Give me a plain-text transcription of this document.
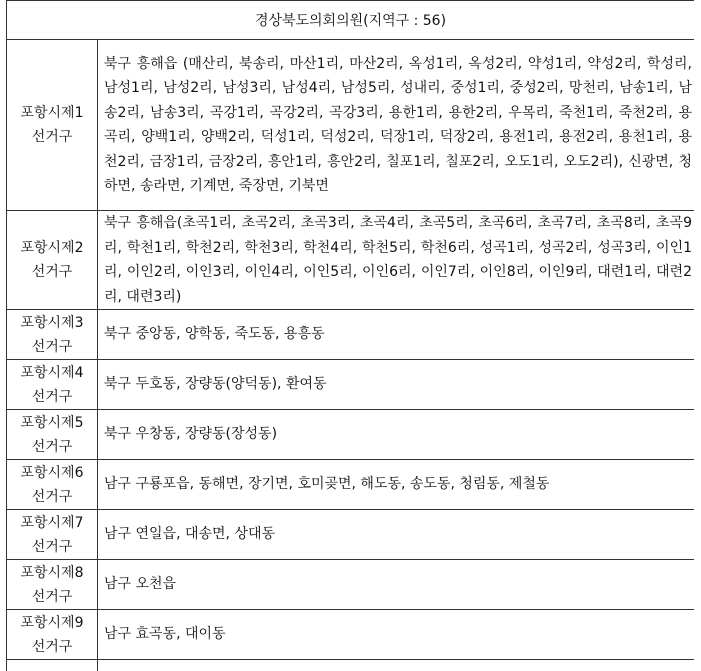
경상북도의회의원(지역구 : 56)	

포항시제1
선거구	북구 흥해읍 (매산리, 북송리, 마산1리, 마산2리, 옥성1리, 옥성2리, 약성1리, 약성2리, 학성리, 남성1리, 남성2리, 남성3리, 남성4리, 남성5리, 성내리, 중성1리, 중성2리, 망천리, 남송1리, 남송2리, 남송3리, 곡강1리, 곡강2리, 곡강3리, 용한1리, 용한2리, 우목리, 죽천1리, 죽천2리, 용곡리, 양백1리, 양백2리, 덕성1리, 덕성2리, 덕장1리, 덕장2리, 용전1리, 용전2리, 용천1리, 용천2리, 금장1리, 금장2리, 흥안1리, 흥안2리, 칠포1리, 칠포2리, 오도1리, 오도2리), 신광면, 청하면, 송라면, 기계면, 죽장면, 기북면

포항시제2
선거구	북구 흥해읍(초곡1리, 초곡2리, 초곡3리, 초곡4리, 초곡5리, 초곡6리, 초곡7리, 초곡8리, 초곡9리, 학천1리, 학천2리, 학천3리, 학천4리, 학천5리, 학천6리, 성곡1리, 성곡2리, 성곡3리, 이인1리, 이인2리, 이인3리, 이인4리, 이인5리, 이인6리, 이인7리, 이인8리, 이인9리, 대련1리, 대련2리, 대련3리)

포항시제3
선거구	북구 중앙동, 양학동, 죽도동, 용흥동

포항시제4
선거구	북구 두호동, 장량동(양덕동), 환여동

포항시제5
선거구	북구 우창동, 장량동(장성동)

포항시제6
선거구	남구 구룡포읍, 동해면, 장기면, 호미곶면, 해도동, 송도동, 청림동, 제철동

포항시제7
선거구	남구 연일읍, 대송면, 상대동

포항시제8
선거구	남구 오천읍

포항시제9
선거구	남구 효곡동, 대이동
